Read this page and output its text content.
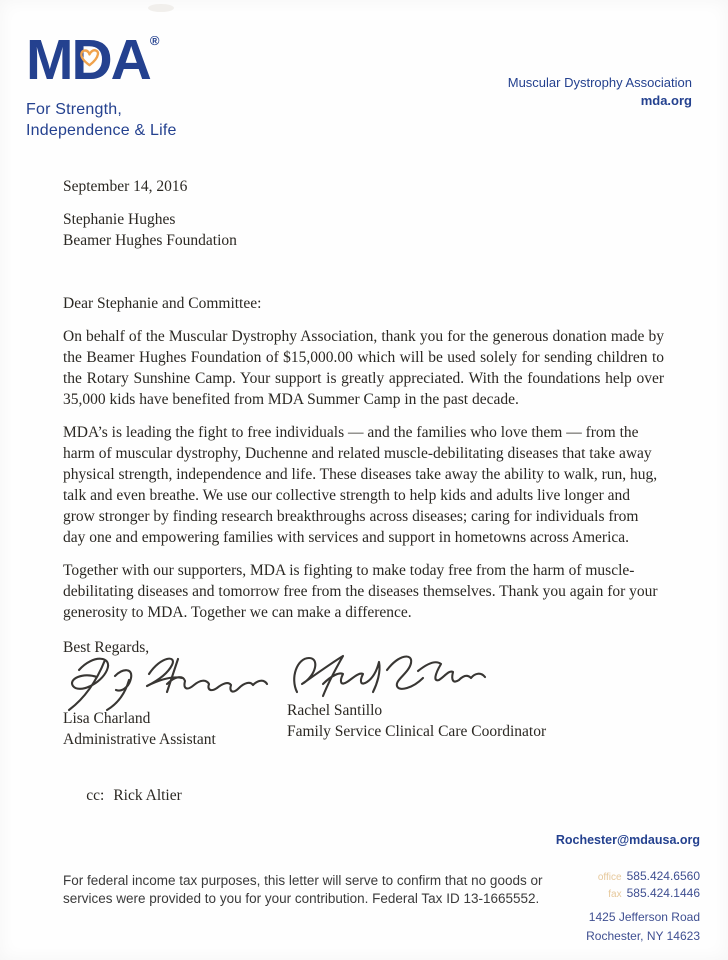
M D A ®
For Strength,
Independence & Life
Muscular Dystrophy Association
mda.org
September 14, 2016
Stephanie Hughes
Beamer Hughes Foundation
Dear Stephanie and Committee:

On behalf of the Muscular Dystrophy Association, thank you for the generous donation made by the Beamer Hughes Foundation of $15,000.00 which will be used solely for sending children to the Rotary Sunshine Camp. Your support is greatly appreciated. With the foundations help over 35,000 kids have benefited from MDA Summer Camp in the past decade.

MDA’s is leading the fight to free individuals — and the families who love them — from the harm of muscular dystrophy, Duchenne and related muscle-debilitating diseases that take away physical strength, independence and life. These diseases take away the ability to walk, run, hug, talk and even breathe. We use our collective strength to help kids and adults live longer and grow stronger by finding research breakthroughs across diseases; caring for individuals from day one and empowering families with services and support in hometowns across America.

Together with our supporters, MDA is fighting to make today free from the harm of muscle-debilitating diseases and tomorrow free from the diseases themselves. Thank you again for your generosity to MDA. Together we can make a difference.

Best Regards,
Lisa Charland
Administrative Assistant
Rachel Santillo
Family Service Clinical Care Coordinator

cc: Rick Altier

Rochester@mdausa.org
For federal income tax purposes, this letter will serve to confirm that no goods or services were provided to you for your contribution. Federal Tax ID 13-1665552.
office 585.424.6560
fax 585.424.1446
1425 Jefferson Road
Rochester, NY 14623
